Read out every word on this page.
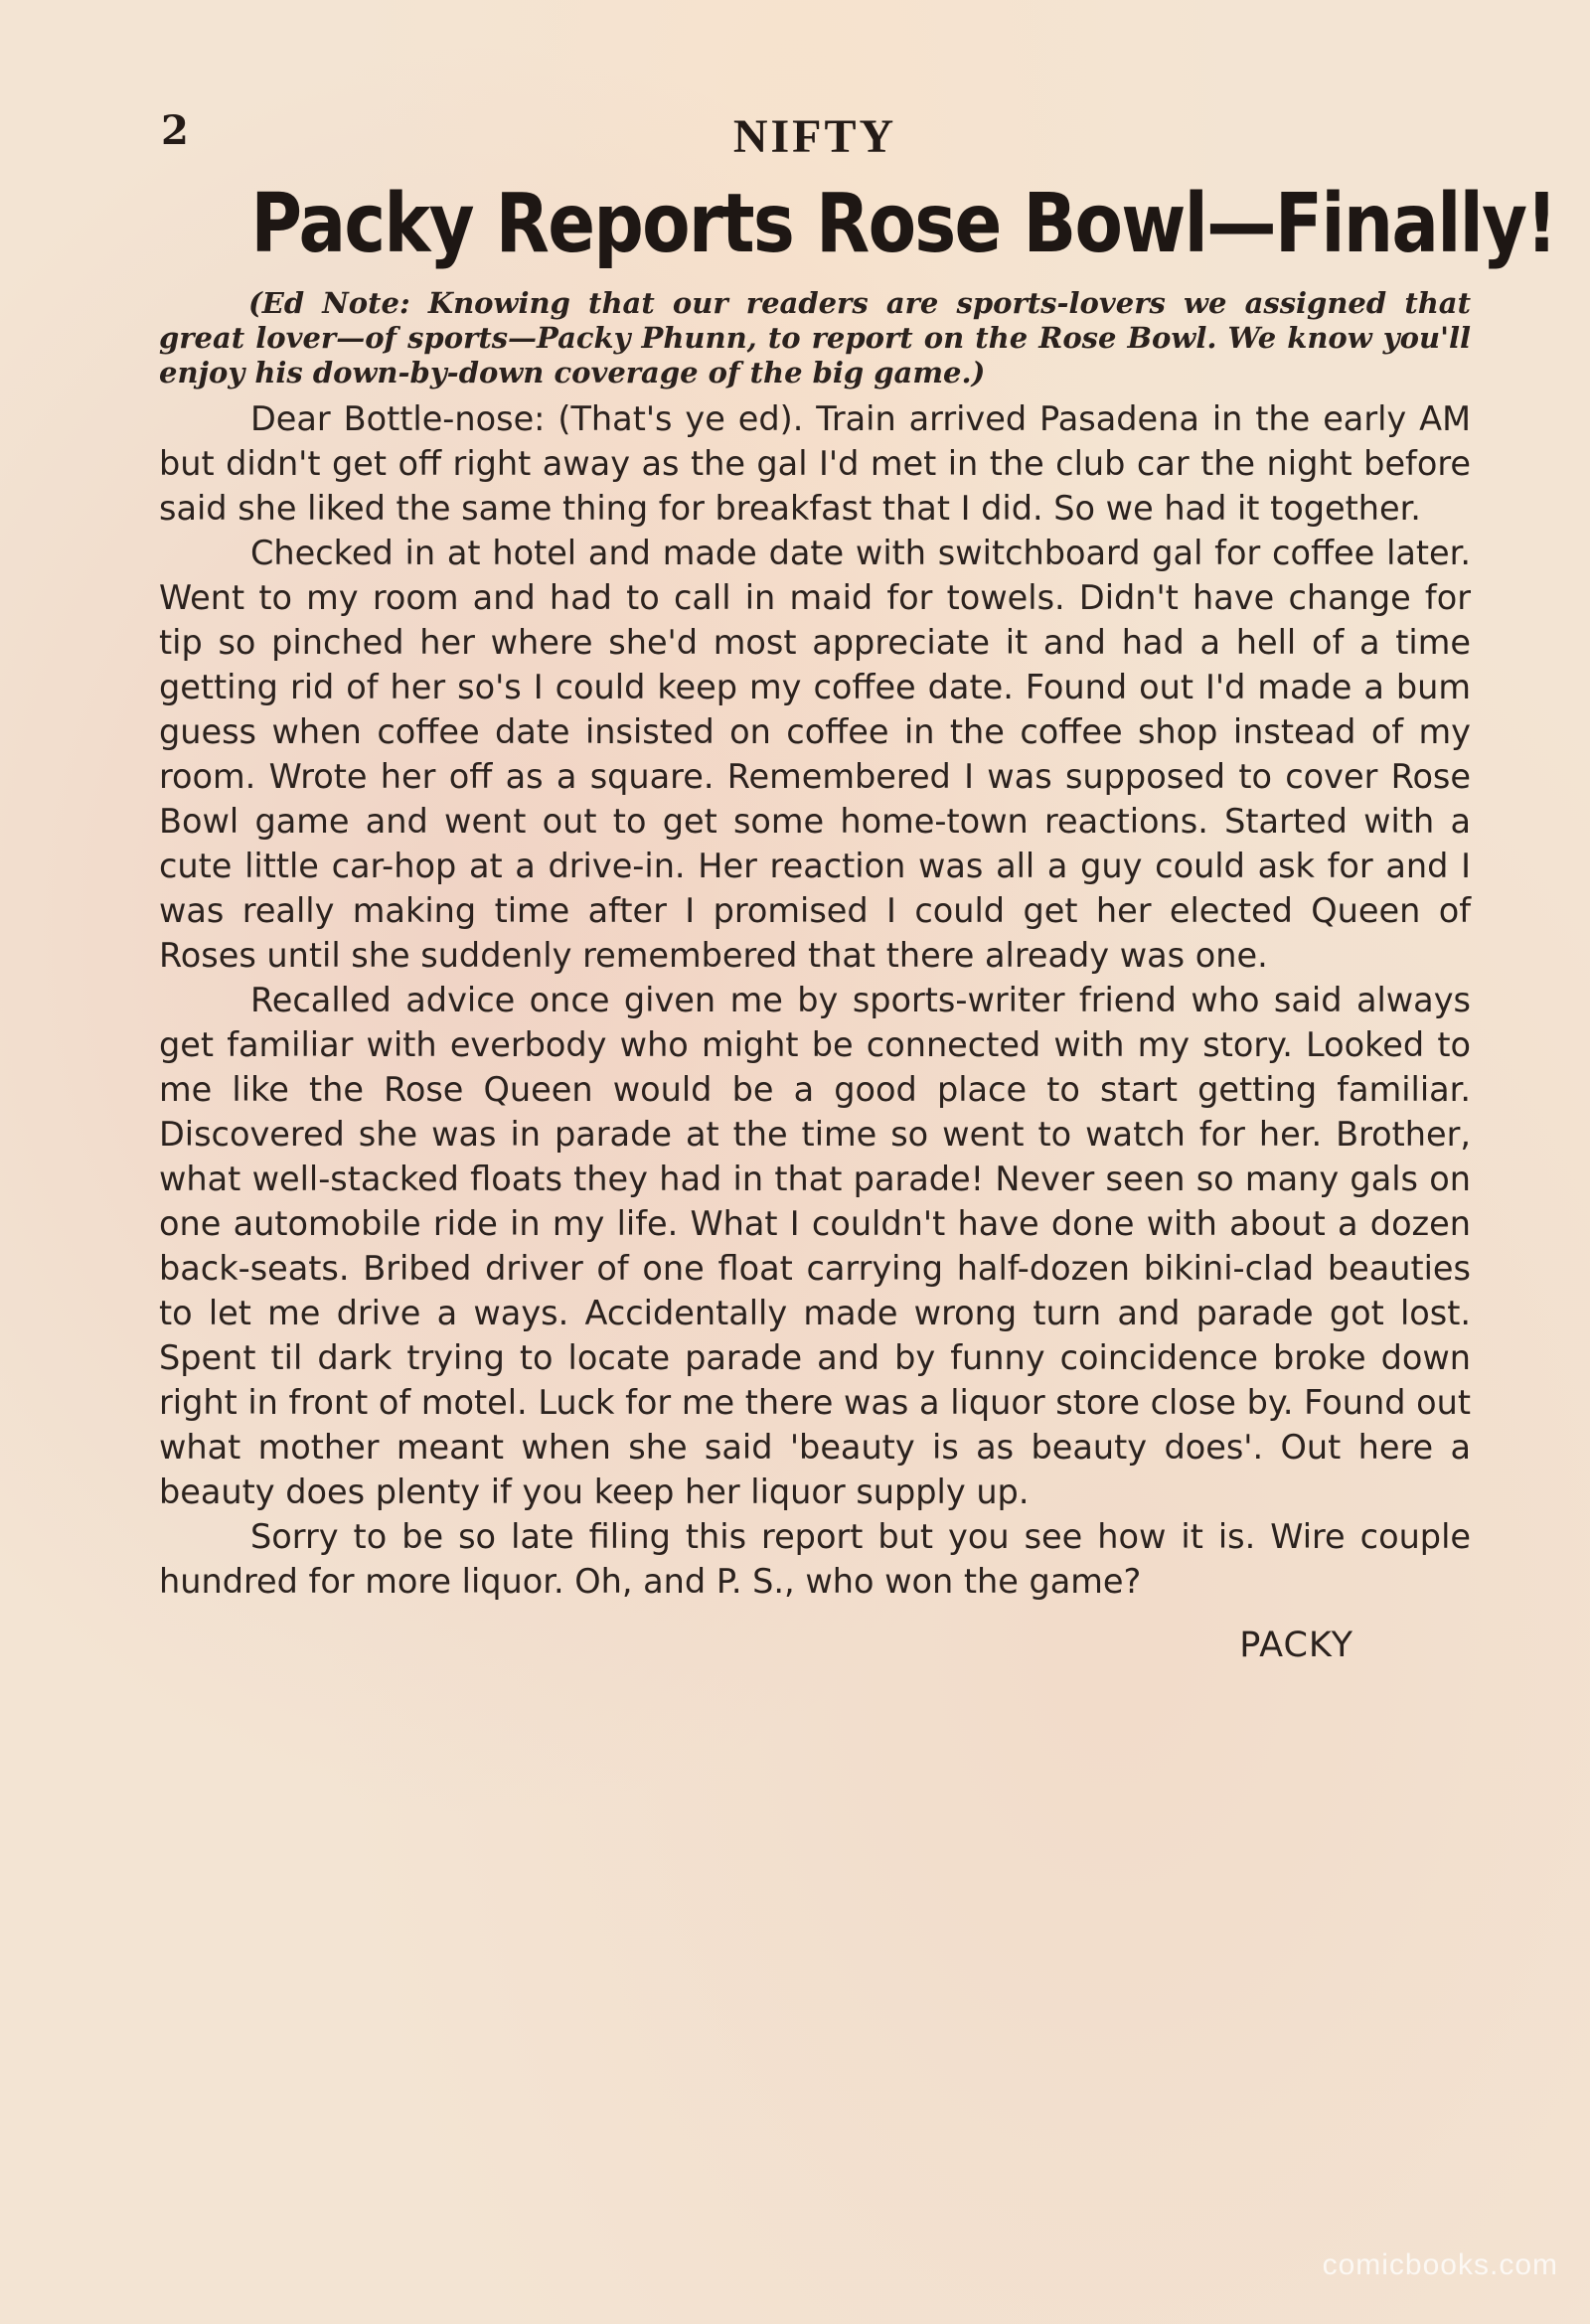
2	NIFTY
Packy Reports Rose Bowl—Finally!

(Ed Note: Knowing that our readers are sports-lovers we assigned that great lover—of sports—Packy Phunn, to report on the Rose Bowl. We know you'll enjoy his down-by-down coverage of the big game.)

Dear Bottle-nose: (That's ye ed). Train arrived Pasadena in the early AM but didn't get off right away as the gal I'd met in the club car the night before said she liked the same thing for breakfast that I did. So we had it together.

Checked in at hotel and made date with switchboard gal for coffee later. Went to my room and had to call in maid for towels. Didn't have change for tip so pinched her where she'd most appreciate it and had a hell of a time getting rid of her so's I could keep my coffee date. Found out I'd made a bum guess when coffee date insisted on coffee in the coffee shop instead of my room. Wrote her off as a square. Remembered I was supposed to cover Rose Bowl game and went out to get some home-town reactions. Started with a cute little car-hop at a drive-in. Her reaction was all a guy could ask for and I was really making time after I promised I could get her elected Queen of Roses until she suddenly remembered that there already was one.

Recalled advice once given me by sports-writer friend who said always get familiar with everbody who might be connected with my story. Looked to me like the Rose Queen would be a good place to start getting familiar. Discovered she was in parade at the time so went to watch for her. Brother, what well-stacked floats they had in that parade! Never seen so many gals on one automobile ride in my life. What I couldn't have done with about a dozen back-seats. Bribed driver of one float carrying half-dozen bikini-clad beauties to let me drive a ways. Accidentally made wrong turn and parade got lost. Spent til dark trying to locate parade and by funny coincidence broke down right in front of motel. Luck for me there was a liquor store close by. Found out what mother meant when she said 'beauty is as beauty does'. Out here a beauty does plenty if you keep her liquor supply up.

Sorry to be so late filing this report but you see how it is. Wire couple hundred for more liquor. Oh, and P. S., who won the game?

PACKY
comicbooks.com
